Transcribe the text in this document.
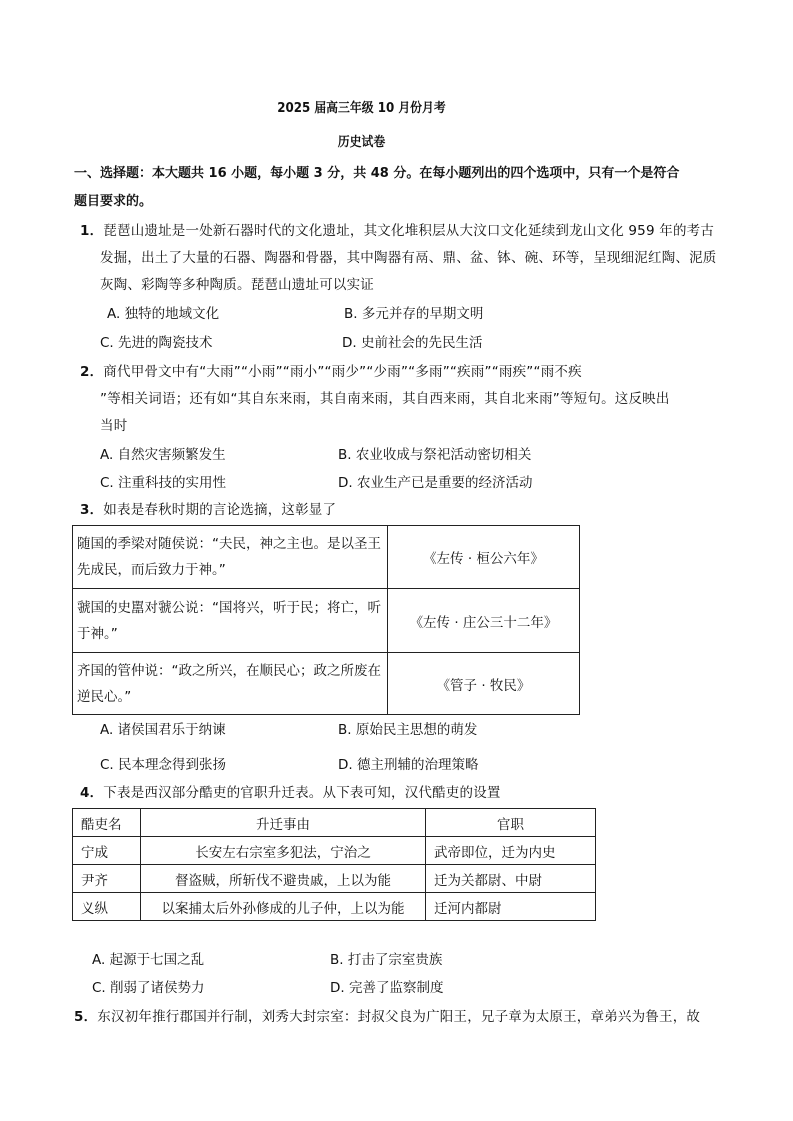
2025 届高三年级 10 月份月考
历史试卷
一、选择题：本大题共 16 小题，每小题 3 分，共 48 分。在每小题列出的四个选项中，只有一个是符合
题目要求的。
1．琵琶山遗址是一处新石器时代的文化遗址，其文化堆积层从大汶口文化延续到龙山文化 959 年的考古
发掘，出土了大量的石器、陶器和骨器，其中陶器有鬲、鼎、盆、钵、碗、环等，呈现细泥红陶、泥质
灰陶、彩陶等多种陶质。琵琶山遗址可以实证
A. 独特的地域文化	B. 多元并存的早期文明
C. 先进的陶瓷技术	D. 史前社会的先民生活
2．商代甲骨文中有“大雨”“小雨”“雨小”“雨少”“少雨”“多雨”“疾雨”“雨疾”“雨不疾
”等相关词语；还有如“其自东来雨，其自南来雨，其自西来雨，其自北来雨”等短句。这反映出
当时
A. 自然灾害频繁发生	B. 农业收成与祭祀活动密切相关
C. 注重科技的实用性	D. 农业生产已是重要的经济活动
3．如表是春秋时期的言论选摘，这彰显了
随国的季梁对随侯说：“夫民，神之主也。是以圣王先成民，而后致力于神。”	《左传 · 桓公六年》
虢国的史嚚对虢公说：“国将兴，听于民；将亡，听于神。”	《左传 · 庄公三十二年》
齐国的管仲说：“政之所兴，在顺民心；政之所废在逆民心。”	《管子 · 牧民》
A. 诸侯国君乐于纳谏	B. 原始民主思想的萌发
C. 民本理念得到张扬	D. 德主刑辅的治理策略
4．下表是西汉部分酷吏的官职升迁表。从下表可知，汉代酷吏的设置
酷吏名	升迁事由	官职
宁成	长安左右宗室多犯法，宁治之	武帝即位，迁为内史
尹齐	督盗贼，所斩伐不避贵戚，上以为能	迁为关都尉、中尉
义纵	以案捕太后外孙修成的儿子仲，上以为能	迁河内都尉
A. 起源于七国之乱	B. 打击了宗室贵族
C. 削弱了诸侯势力	D. 完善了监察制度
5．东汉初年推行郡国并行制，刘秀大封宗室：封叔父良为广阳王，兄子章为太原王，章弟兴为鲁王，故
